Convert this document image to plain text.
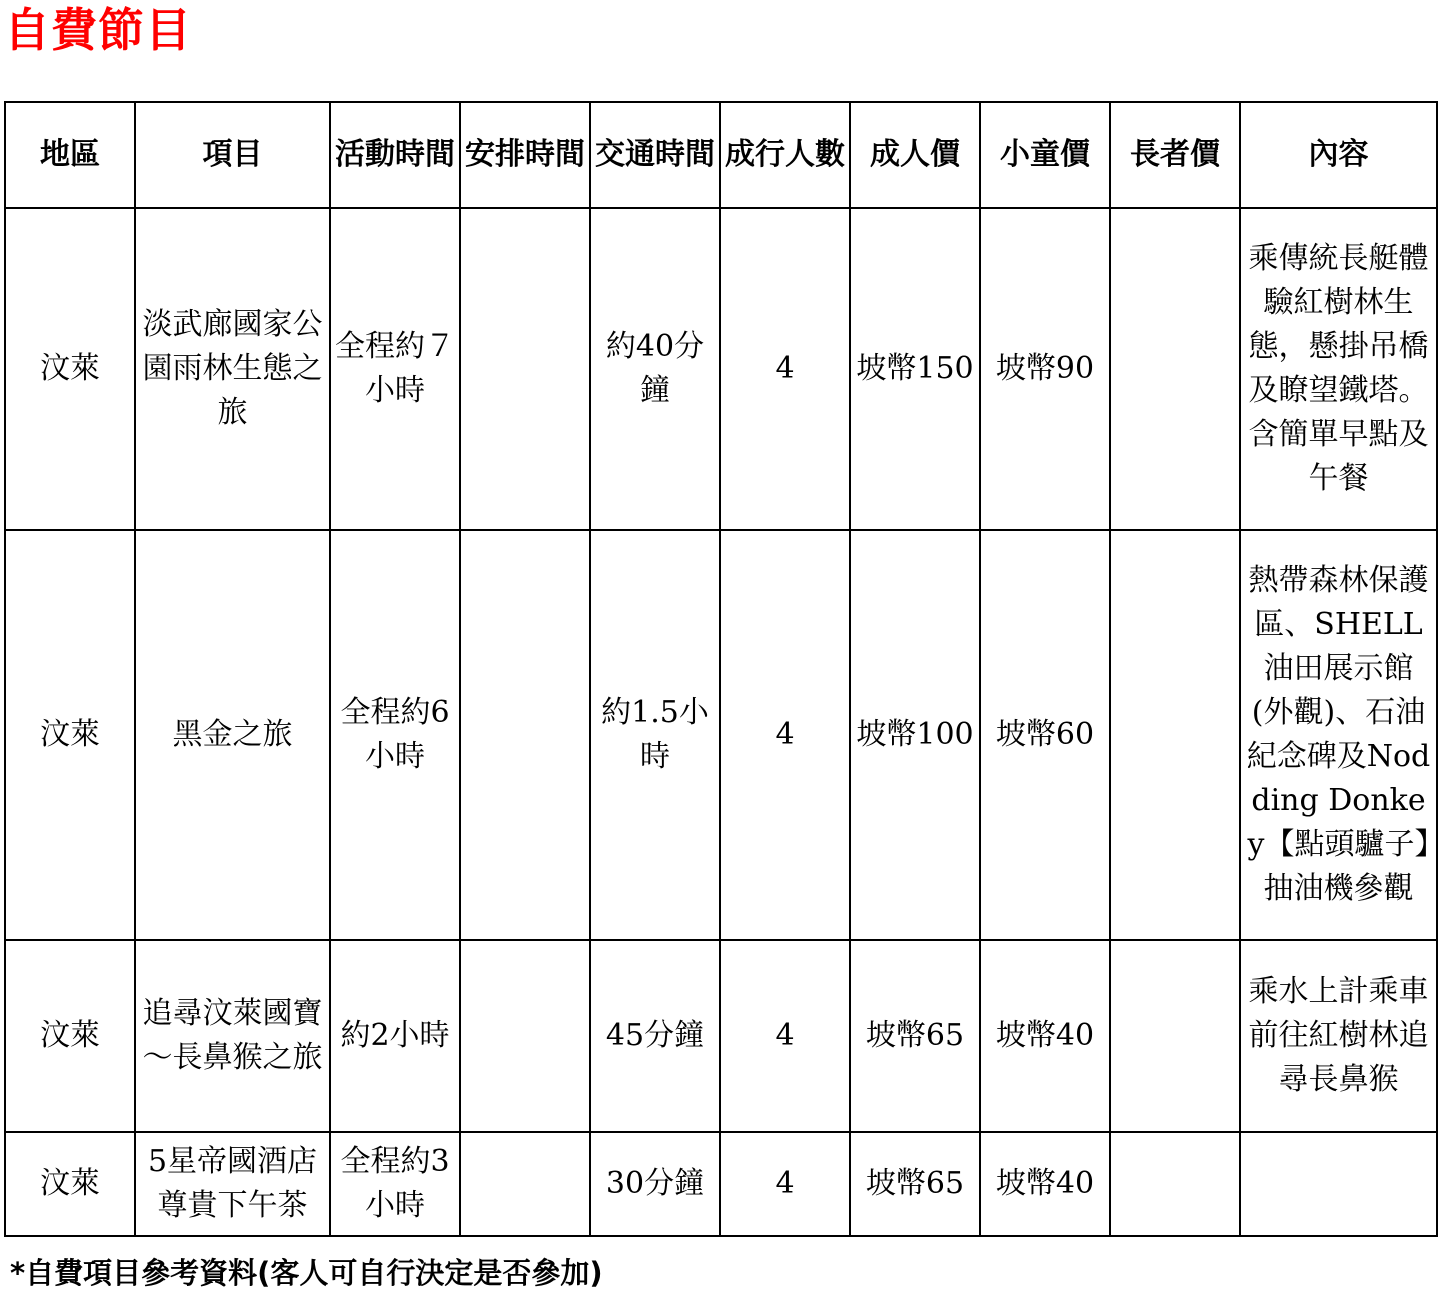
自費節目
地區	項目	活動時間	安排時間	交通時間	成行人數	成人價	小童價	長者價	內容
汶萊	淡武廊國家公園雨林生態之旅	全程約７小時		約40分鐘	4	坡幣150	坡幣90		乘傳統長艇體驗紅樹林生態，懸掛吊橋及瞭望鐵塔。含簡單早點及午餐
汶萊	黑金之旅	全程約6小時		約1.5小時	4	坡幣100	坡幣60		熱帶森林保護區、SHELL油田展示館(外觀)、石油紀念碑及Nodding Donkey【點頭驢子】抽油機參觀
汶萊	追尋汶萊國寶～長鼻猴之旅	約2小時		45分鐘	4	坡幣65	坡幣40		乘水上計乘車前往紅樹林追尋長鼻猴
汶萊	5星帝國酒店尊貴下午茶	全程約3小時		30分鐘	4	坡幣65	坡幣40		
*自費項目參考資料(客人可自行決定是否參加)
